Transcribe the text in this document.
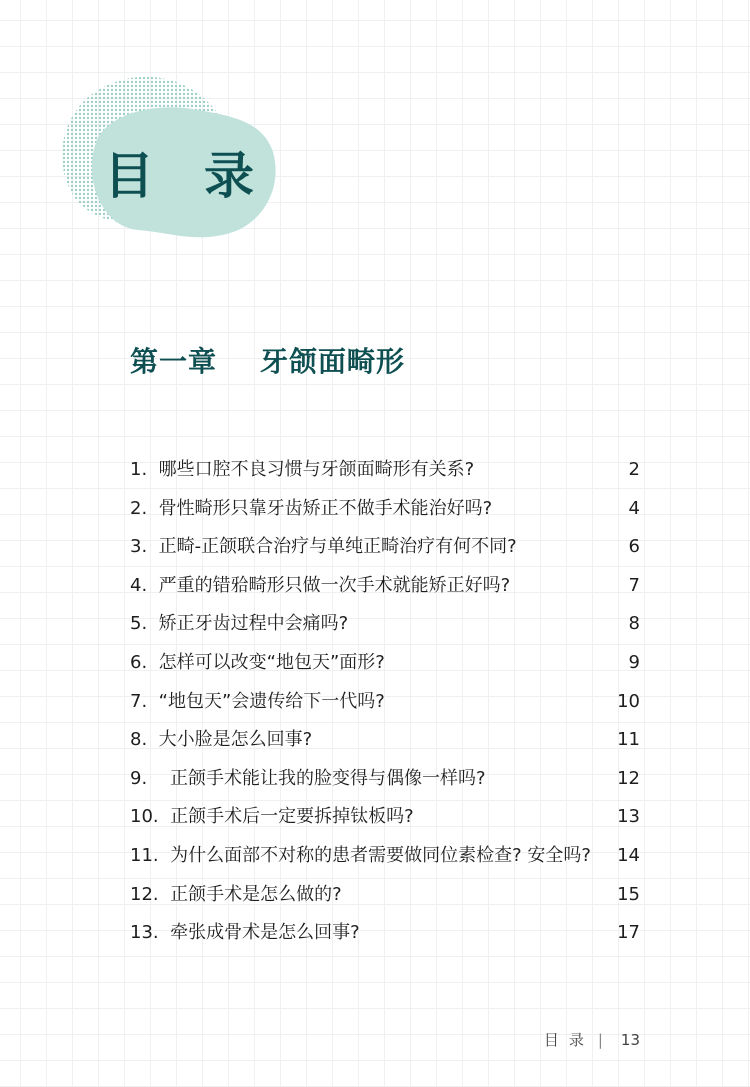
目录
第一章    牙颌面畸形
1.  哪些口腔不良习惯与牙颌面畸形有关系?	2
2.  骨性畸形只靠牙齿矫正不做手术能治好吗?	4
3.  正畸-正颌联合治疗与单纯正畸治疗有何不同?	6
4.  严重的错𬌗畸形只做一次手术就能矫正好吗?	7
5.  矫正牙齿过程中会痛吗?	8
6.  怎样可以改变“地包天”面形?	9
7.  “地包天”会遗传给下一代吗?	10
8.  大小脸是怎么回事?	11
9.    正颌手术能让我的脸变得与偶像一样吗?	12
10.  正颌手术后一定要拆掉钛板吗?	13
11.  为什么面部不对称的患者需要做同位素检查? 安全吗? 14
12.  正颌手术是怎么做的?	15
13.  牵张成骨术是怎么回事?	17

目录 | 13
